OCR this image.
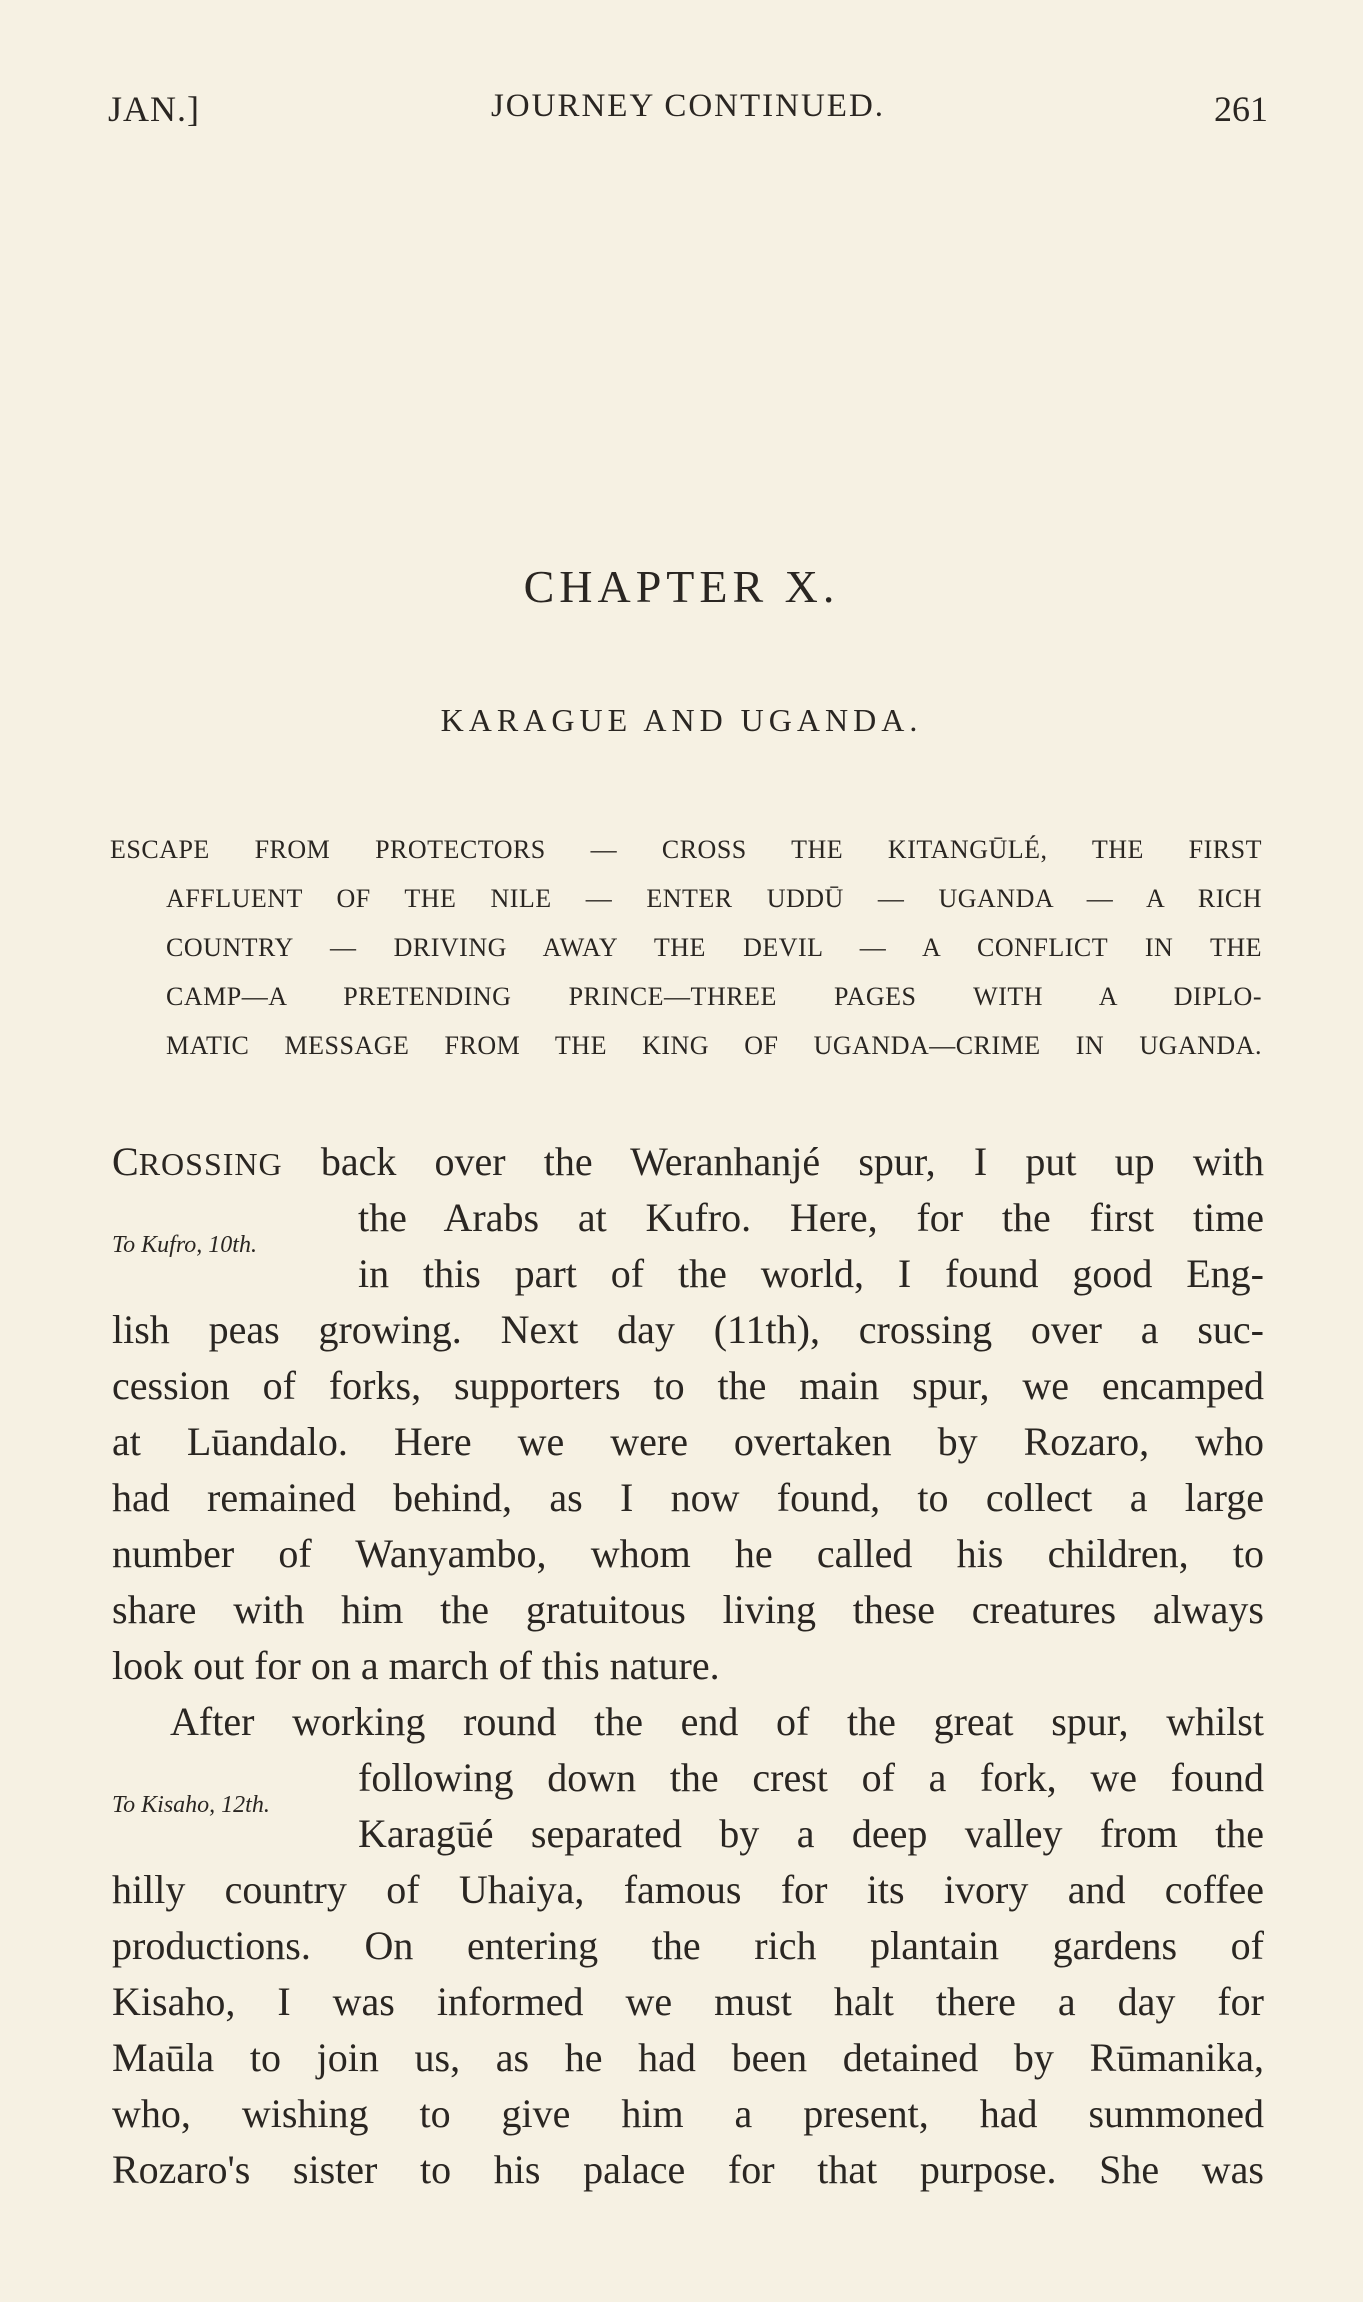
JAN.]	JOURNEY CONTINUED.	261
CHAPTER X.
KARAGUE AND UGANDA.
ESCAPE FROM PROTECTORS — CROSS THE KITANGŪLÉ, THE FIRST
AFFLUENT OF THE NILE — ENTER UDDŪ — UGANDA — A RICH
COUNTRY — DRIVING AWAY THE DEVIL — A CONFLICT IN THE
CAMP—A PRETENDING PRINCE—THREE PAGES WITH A DIPLO-
MATIC MESSAGE FROM THE KING OF UGANDA—CRIME IN UGANDA.
CROSSING back over the Weranhanjé spur, I put up with
the Arabs at Kufro. Here, for the first time
To Kufro, 10th.
in this part of the world, I found good Eng-
lish peas growing. Next day (11th), crossing over a suc-
cession of forks, supporters to the main spur, we encamped
at Lūandalo. Here we were overtaken by Rozaro, who
had remained behind, as I now found, to collect a large
number of Wanyambo, whom he called his children, to
share with him the gratuitous living these creatures always
look out for on a march of this nature.
After working round the end of the great spur, whilst
following down the crest of a fork, we found
To Kisaho, 12th.
Karagūé separated by a deep valley from the
hilly country of Uhaiya, famous for its ivory and coffee
productions. On entering the rich plantain gardens of
Kisaho, I was informed we must halt there a day for
Maūla to join us, as he had been detained by Rūmanika,
who, wishing to give him a present, had summoned
Rozaro's sister to his palace for that purpose. She was
